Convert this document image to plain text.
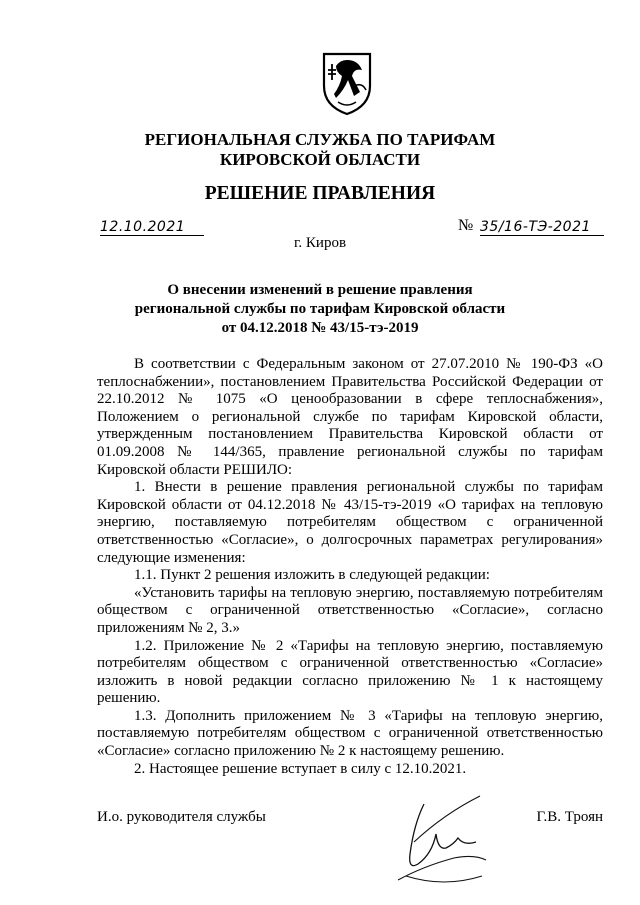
РЕГИОНАЛЬНАЯ СЛУЖБА ПО ТАРИФАМ
КИРОВСКОЙ ОБЛАСТИ
РЕШЕНИЕ ПРАВЛЕНИЯ
12.10.2021	№ 35/16-ТЭ-2021
г. Киров
О внесении изменений в решение правления
региональной службы по тарифам Кировской области
от 04.12.2018 № 43/15-тэ-2019

В соответствии с Федеральным законом от 27.07.2010 № 190-ФЗ «О теплоснабжении», постановлением Правительства Российской Федерации от 22.10.2012 № 1075 «О ценообразовании в сфере теплоснабжения», Положением о региональной службе по тарифам Кировской области, утвержденным постановлением Правительства Кировской области от 01.09.2008 № 144/365, правление региональной службы по тарифам Кировской области РЕШИЛО:

1. Внести в решение правления региональной службы по тарифам Кировской области от 04.12.2018 № 43/15-тэ-2019 «О тарифах на тепловую энергию, поставляемую потребителям обществом с ограниченной ответственностью «Согласие», о долгосрочных параметрах регулирования» следующие изменения:

1.1. Пункт 2 решения изложить в следующей редакции:

«Установить тарифы на тепловую энергию, поставляемую потребителям обществом с ограниченной ответственностью «Согласие», согласно приложениям № 2, 3.»

1.2. Приложение № 2 «Тарифы на тепловую энергию, поставляемую потребителям обществом с ограниченной ответственностью «Согласие» изложить в новой редакции согласно приложению № 1 к настоящему решению.

1.3. Дополнить приложением № 3 «Тарифы на тепловую энергию, поставляемую потребителям обществом с ограниченной ответственностью «Согласие» согласно приложению № 2 к настоящему решению.

2. Настоящее решение вступает в силу с 12.10.2021.

И.о. руководителя службы	Г.В. Троян
